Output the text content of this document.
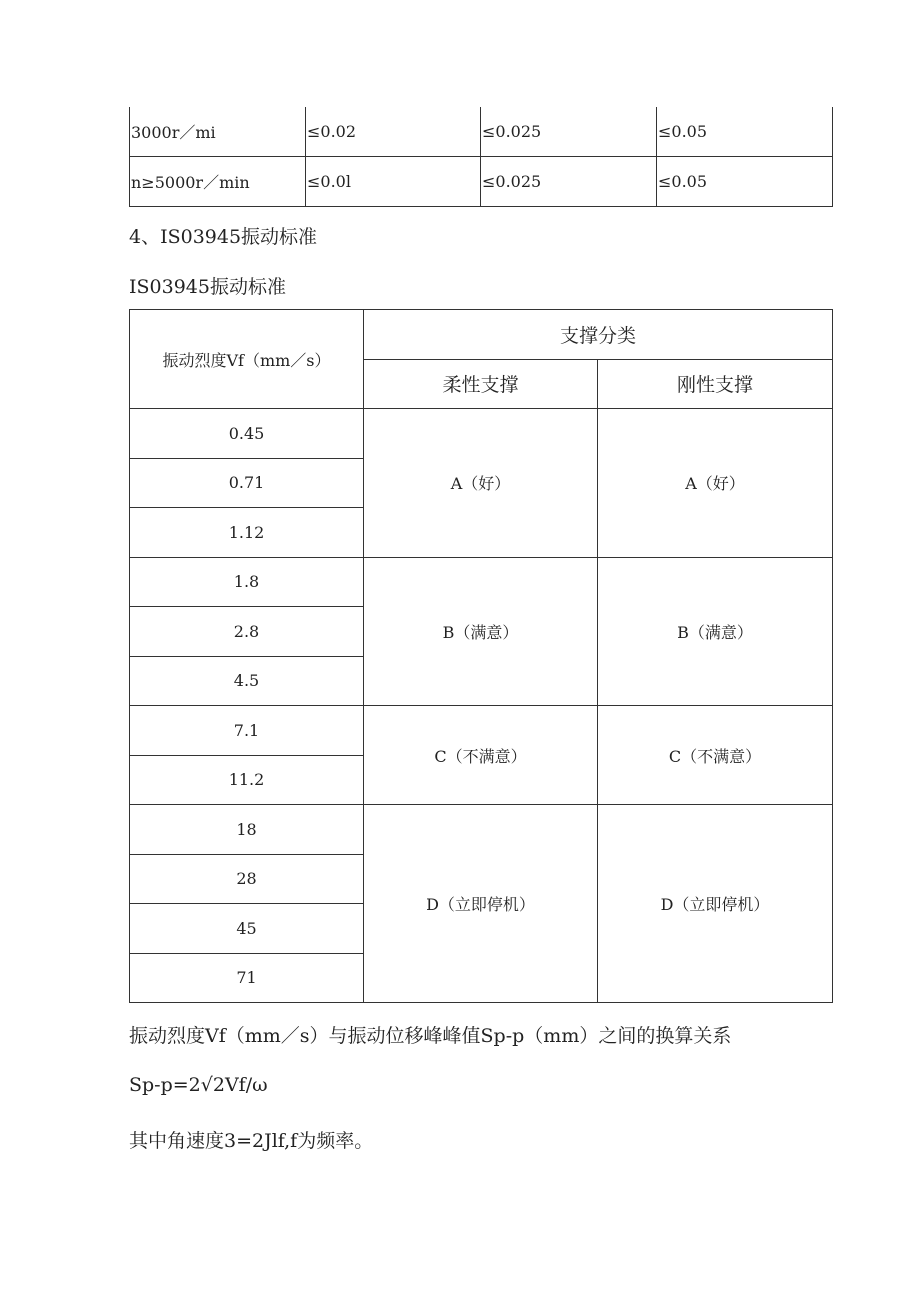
3000r／mi	≤0.02	≤0.025	≤0.05
n≥5000r／min	≤0.0l	≤0.025	≤0.05
4、IS03945振动标准
IS03945振动标准
振动烈度Vf（mm／s）	支撑分类	
	柔性支撑	刚性支撑
0.45	A（好）	A（好）
0.71		
1.12		
1.8	B（满意）	B（满意）
2.8		
4.5		
7.1	C（不满意）	C（不满意）
11.2		
18	D（立即停机）	D（立即停机）
28		
45		
71		
振动烈度Vf（mm／s）与振动位移峰峰值Sp-p（mm）之间的换算关系
Sp-p=2√2Vf/ω
其中角速度3=2Jlf,f为频率。
